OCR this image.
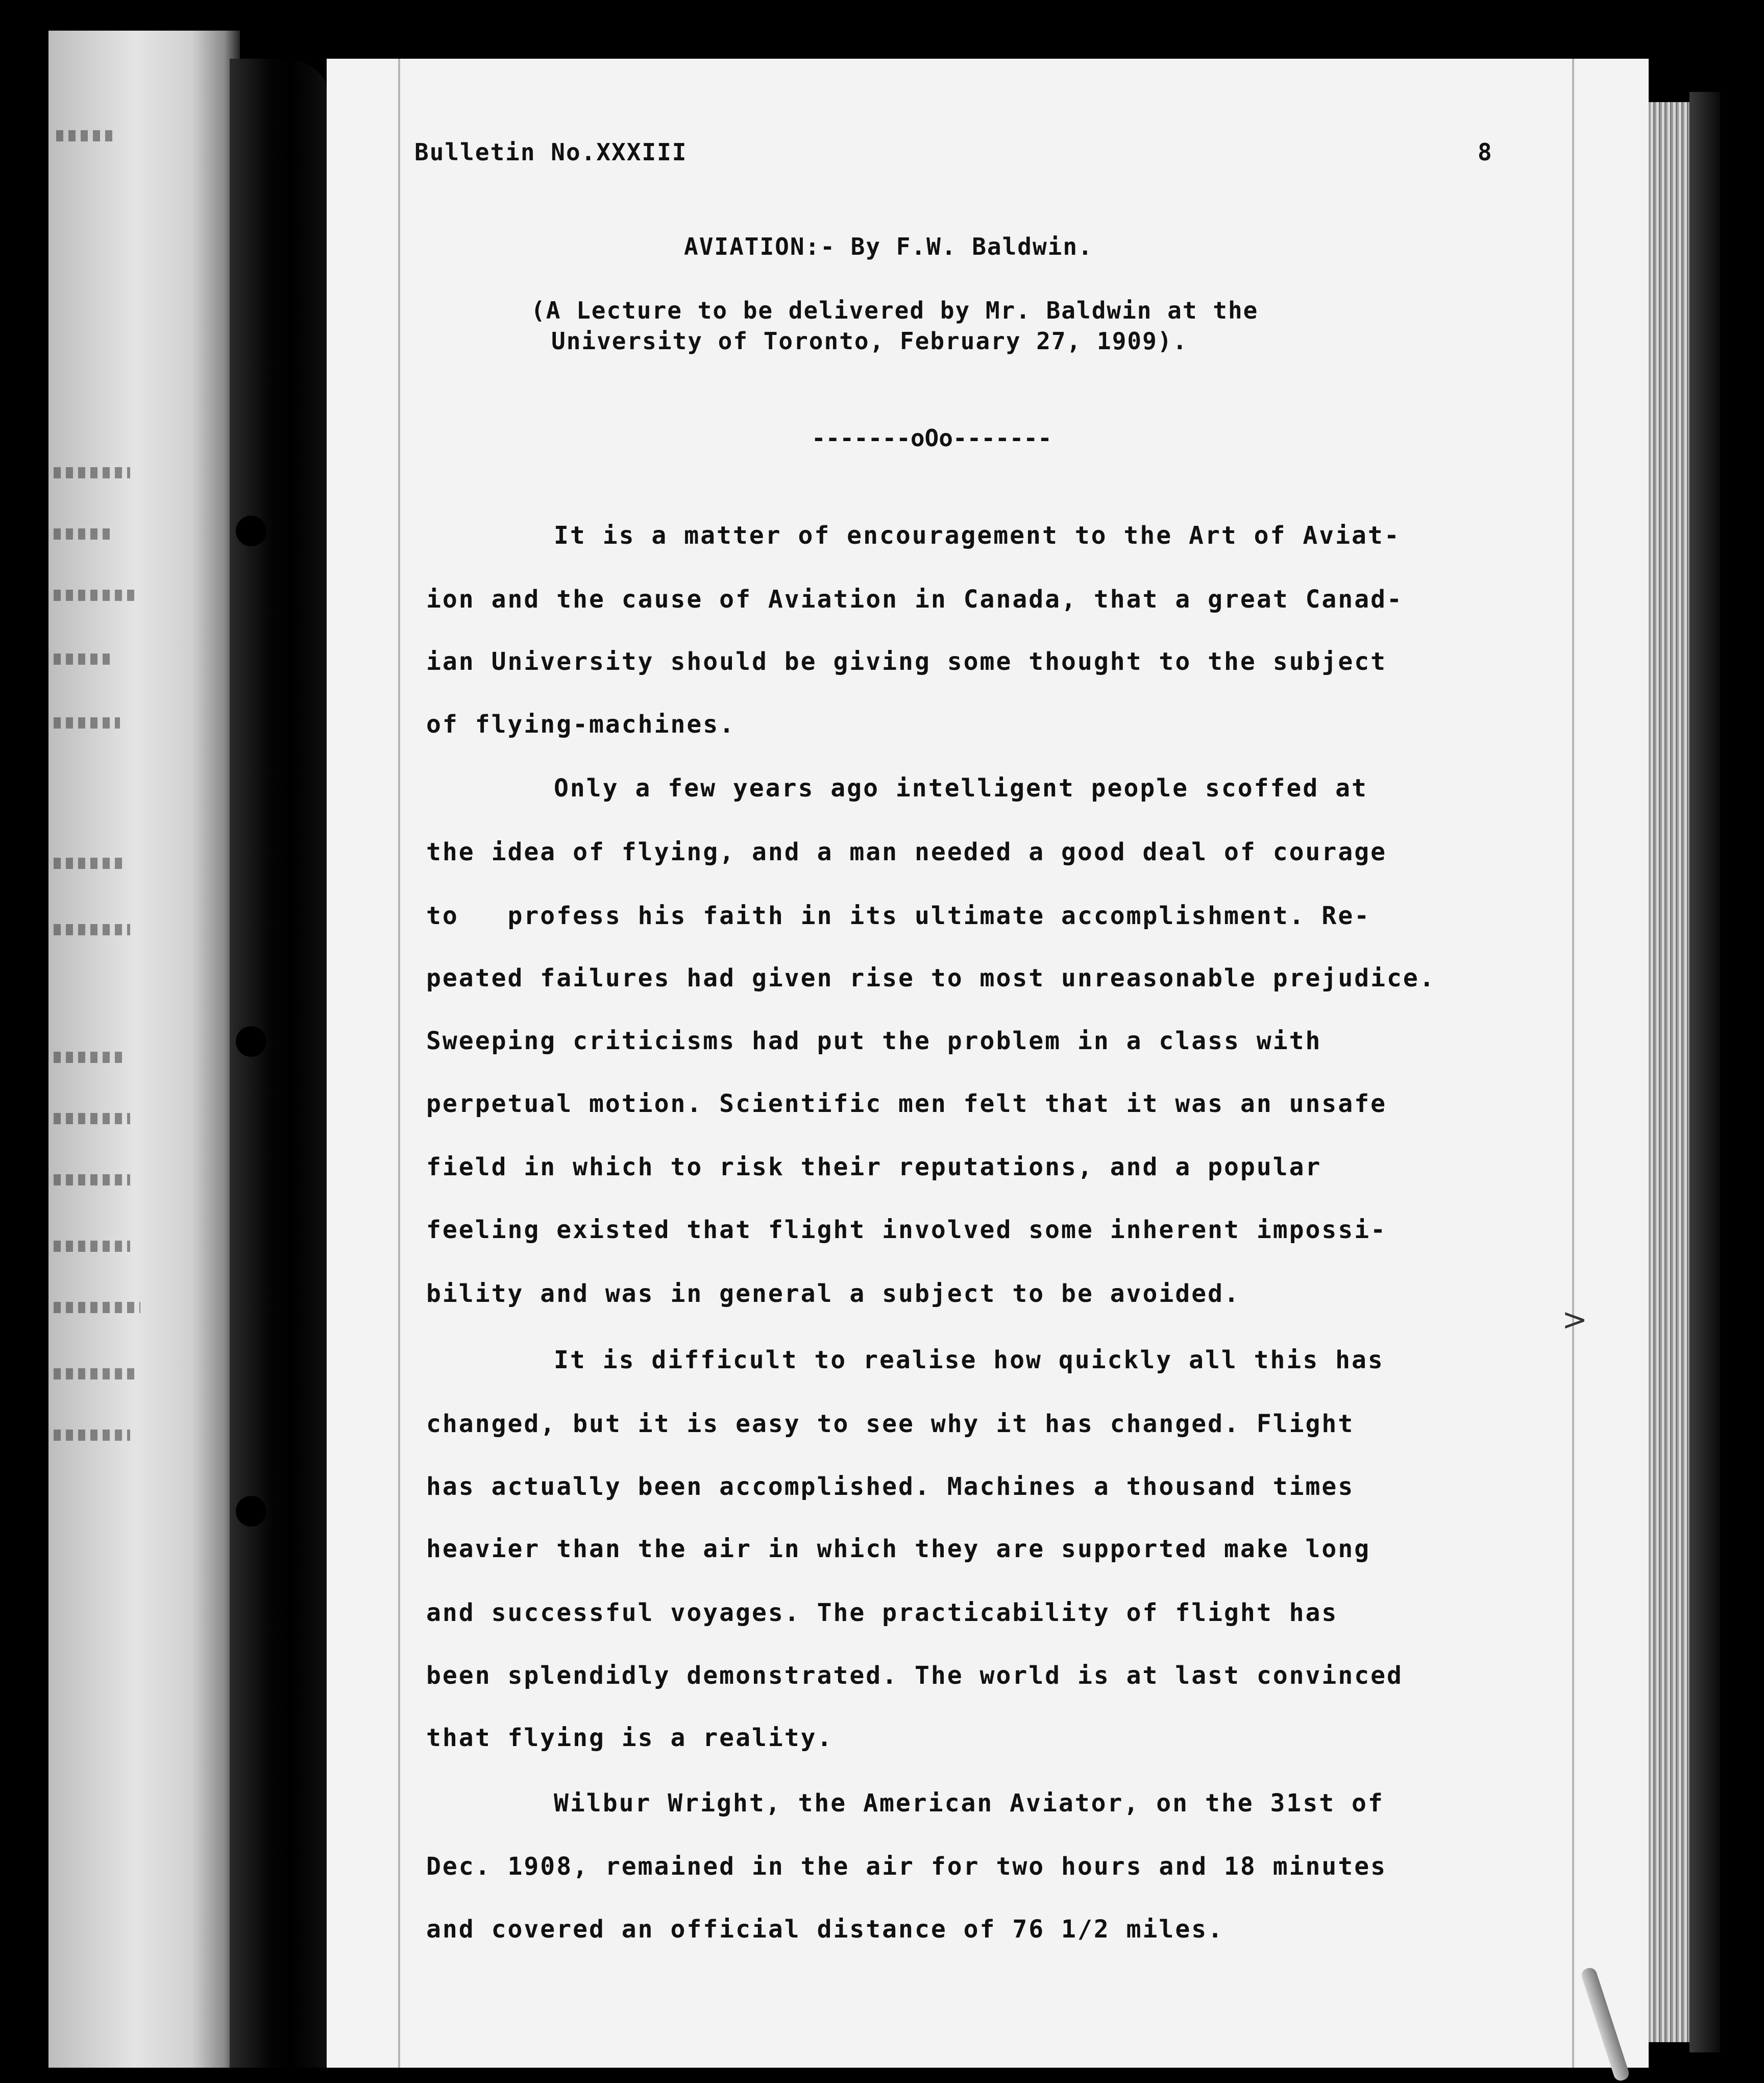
Bulletin No.XXXIII	8
AVIATION:- By F.W. Baldwin.
(A Lecture to be delivered by Mr. Baldwin at the
University of Toronto, February 27, 1909).
-------oOo-------
It is a matter of encouragement to the Art of Aviat-
ion and the cause of Aviation in Canada, that a great Canad-
ian University should be giving some thought to the subject
of flying-machines.
Only a few years ago intelligent people scoffed at
the idea of flying, and a man needed a good deal of courage
to   profess his faith in its ultimate accomplishment. Re-
peated failures had given rise to most unreasonable prejudice.
Sweeping criticisms had put the problem in a class with
perpetual motion. Scientific men felt that it was an unsafe
field in which to risk their reputations, and a popular
feeling existed that flight involved some inherent impossi-
bility and was in general a subject to be avoided.
It is difficult to realise how quickly all this has
changed, but it is easy to see why it has changed. Flight
has actually been accomplished. Machines a thousand times
heavier than the air in which they are supported make long
and successful voyages. The practicability of flight has
been splendidly demonstrated. The world is at last convinced
that flying is a reality.
Wilbur Wright, the American Aviator, on the 31st of
Dec. 1908, remained in the air for two hours and 18 minutes
and covered an official distance of 76 1/2 miles.
>
